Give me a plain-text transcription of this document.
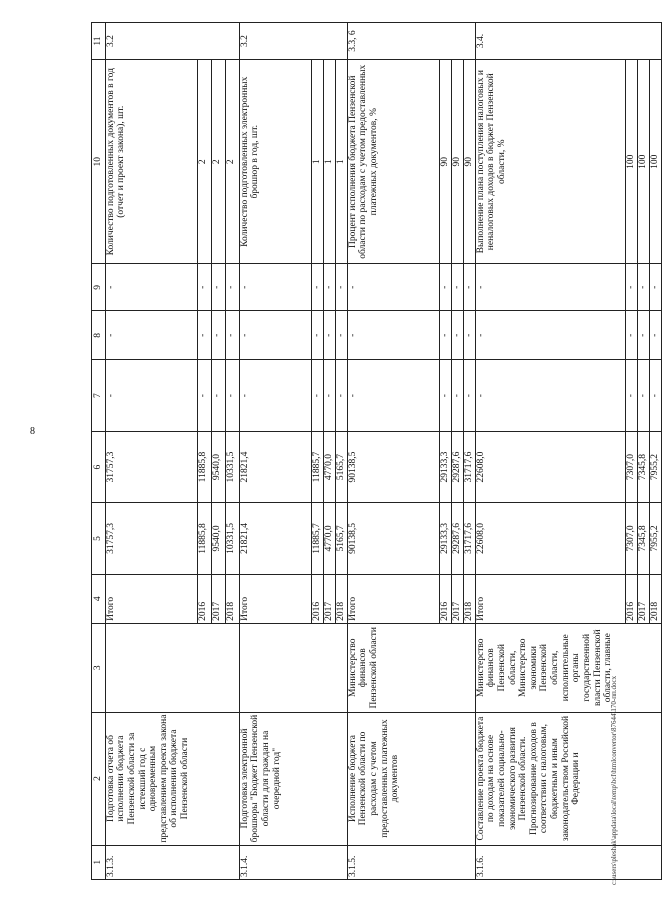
8
1	2	3	4	5	6	7	8	9	10	11
3.1.3.	Подготовка отчета об исполнении бюджета Пензенской области за истекший год с одновременным представлением проекта закона об исполнении бюджета Пензенской области		Итого	31757,3	31757,3	-	-	-	Количество подготовленных документов в год (отчет и проект закона), шт.	3.2
			2016	11885,8	11885,8	-	-	-	2	
			2017	9540,0	9540,0	-	-	-	2	
			2018	10331,5	10331,5	-	-	-	2	
3.1.4.	Подготовка электронной брошюры "Бюджет Пензенской области для граждан на очередной год"		Итого	21821,4	21821,4	-	-	-	Количество подготовленных электронных брошюр в год, шт.	3.2
			2016	11885,7	11885,7	-	-	-	1	
			2017	4770,0	4770,0	-	-	-	1	
			2018	5165,7	5165,7	-	-	-	1	
3.1.5.	Исполнение бюджета Пензенской области по расходам с учетом предоставленных платежных документов	Министерство финансов Пензенской области	Итого	90138,5	90138,5	-	-	-	Процент исполнения бюджета Пензенской области по расходам с учетом предоставленных платежных документов, %	3.3, 6
			2016	29133,3	29133,3	-	-	-	90	
			2017	29287,6	29287,6	-	-	-	90	
			2018	31717,6	31717,6	-	-	-	90	
3.1.6.	Составление проекта бюджета по доходам на основе показателей социально-экономического развития Пензенской области. Прогнозирование доходов в соответствии с налоговым, бюджетным и иным законодательством Российской Федерации и	Министерство финансов Пензенской области, Министерство экономики Пензенской области, исполнительные органы государственной власти Пензенской области, главные	Итого	22608,0	22608,0	-	-	-	Выполнение плана поступления налоговых и неналоговых доходов в бюджет Пензенской области, %	3.4.
			2016	7307,0	7307,0	-	-	-	100	
			2017	7345,8	7345,8	-	-	-	100	
			2018	7955,2	7955,2	-	-	-	100	
c:\users\pleshak\appdata\local\temp\bcl\htmlconvertor\87644\170-пп.docx
